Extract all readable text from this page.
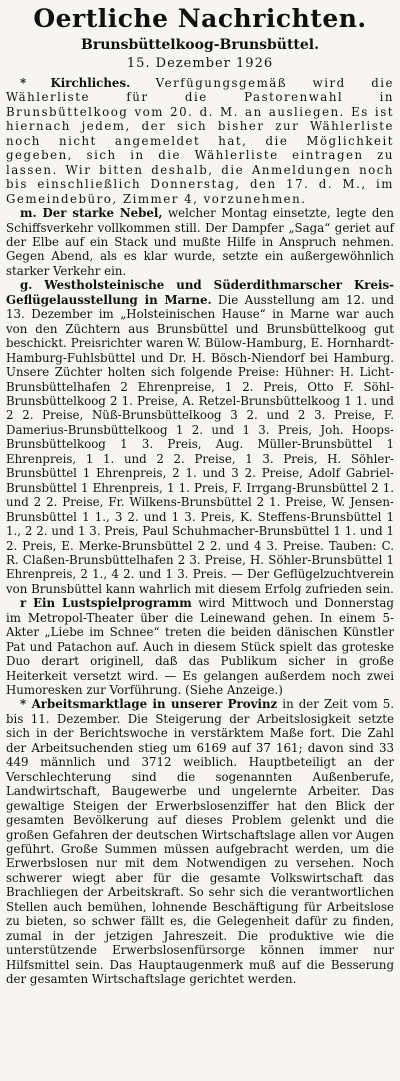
Oertliche Nachrichten.
Brunsbüttelkoog-Brunsbüttel.
15. Dezember 1926

* Kirchliches. Verfügungsgemäß wird die Wählerliste für die Pastorenwahl in Brunsbüttelkoog vom 20. d. M. an ausliegen. Es ist hiernach jedem, der sich bisher zur Wählerliste noch nicht angemeldet hat, die Möglichkeit gegeben, sich in die Wählerliste eintragen zu lassen. Wir bitten deshalb, die Anmeldungen noch bis einschließlich Donnerstag, den 17. d. M., im Gemeindebüro, Zimmer 4, vorzunehmen.

m. Der starke Nebel, welcher Montag einsetzte, legte den Schiffsverkehr vollkommen still. Der Dampfer „Saga“ geriet auf der Elbe auf ein Stack und mußte Hilfe in Anspruch nehmen. Gegen Abend, als es klar wurde, setzte ein außergewöhnlich starker Verkehr ein.

g. Westholsteinische und Süderdithmarscher Kreis-Geflügelausstellung in Marne. Die Ausstellung am 12. und 13. Dezember im „Holsteinischen Hause“ in Marne war auch von den Züchtern aus Brunsbüttel und Brunsbüttelkoog gut beschickt. Preisrichter waren W. Bülow-Hamburg, E. Hornhardt-Hamburg-Fuhlsbüttel und Dr. H. Bösch-Niendorf bei Hamburg. Unsere Züchter holten sich folgende Preise: Hühner: H. Licht-Brunsbüttelhafen 2 Ehrenpreise, 1 2. Preis, Otto F. Söhl-Brunsbüttelkoog 2 1. Preise, A. Retzel-Brunsbüttelkoog 1 1. und 2 2. Preise, Nüß-Brunsbüttelkoog 3 2. und 2 3. Preise, F. Damerius-Brunsbüttelkoog 1 2. und 1 3. Preis, Joh. Hoops-Brunsbüttelkoog 1 3. Preis, Aug. Müller-Brunsbüttel 1 Ehrenpreis, 1 1. und 2 2. Preise, 1 3. Preis, H. Söhler-Brunsbüttel 1 Ehrenpreis, 2 1. und 3 2. Preise, Adolf Gabriel-Brunsbüttel 1 Ehrenpreis, 1 1. Preis, F. Irrgang-Brunsbüttel 2 1. und 2 2. Preise, Fr. Wilkens-Brunsbüttel 2 1. Preise, W. Jensen-Brunsbüttel 1 1., 3 2. und 1 3. Preis, K. Steffens-Brunsbüttel 1 1., 2 2. und 1 3. Preis, Paul Schuhmacher-Brunsbüttel 1 1. und 1 2. Preis, E. Merke-Brunsbüttel 2 2. und 4 3. Preise. Tauben: C. R. Claßen-Brunsbüttelhafen 2 3. Preise, H. Söhler-Brunsbüttel 1 Ehrenpreis, 2 1., 4 2. und 1 3. Preis. — Der Geflügelzuchtverein von Brunsbüttel kann wahrlich mit diesem Erfolg zufrieden sein.

r Ein Lustspielprogramm wird Mittwoch und Donnerstag im Metropol-Theater über die Leinewand gehen. In einem 5-Akter „Liebe im Schnee“ treten die beiden dänischen Künstler Pat und Patachon auf. Auch in diesem Stück spielt das groteske Duo derart originell, daß das Publikum sicher in große Heiterkeit versetzt wird. — Es gelangen außerdem noch zwei Humoresken zur Vorführung. (Siehe Anzeige.)

* Arbeitsmarktlage in unserer Provinz in der Zeit vom 5. bis 11. Dezember. Die Steigerung der Arbeitslosigkeit setzte sich in der Berichtswoche in verstärktem Maße fort. Die Zahl der Arbeitsuchenden stieg um 6169 auf 37 161; davon sind 33 449 männlich und 3712 weiblich. Hauptbeteiligt an der Verschlechterung sind die sogenannten Außenberufe, Landwirtschaft, Baugewerbe und ungelernte Arbeiter. Das gewaltige Steigen der Erwerbslosenziffer hat den Blick der gesamten Bevölkerung auf dieses Problem gelenkt und die großen Gefahren der deutschen Wirtschaftslage allen vor Augen geführt. Große Summen müssen aufgebracht werden, um die Erwerbslosen nur mit dem Notwendigen zu versehen. Noch schwerer wiegt aber für die gesamte Volkswirtschaft das Brachliegen der Arbeitskraft. So sehr sich die verantwortlichen Stellen auch bemühen, lohnende Beschäftigung für Arbeitslose zu bieten, so schwer fällt es, die Gelegenheit dafür zu finden, zumal in der jetzigen Jahreszeit. Die produktive wie die unterstützende Erwerbslosenfürsorge können immer nur Hilfsmittel sein. Das Hauptaugenmerk muß auf die Besserung der gesamten Wirtschaftslage gerichtet werden.
